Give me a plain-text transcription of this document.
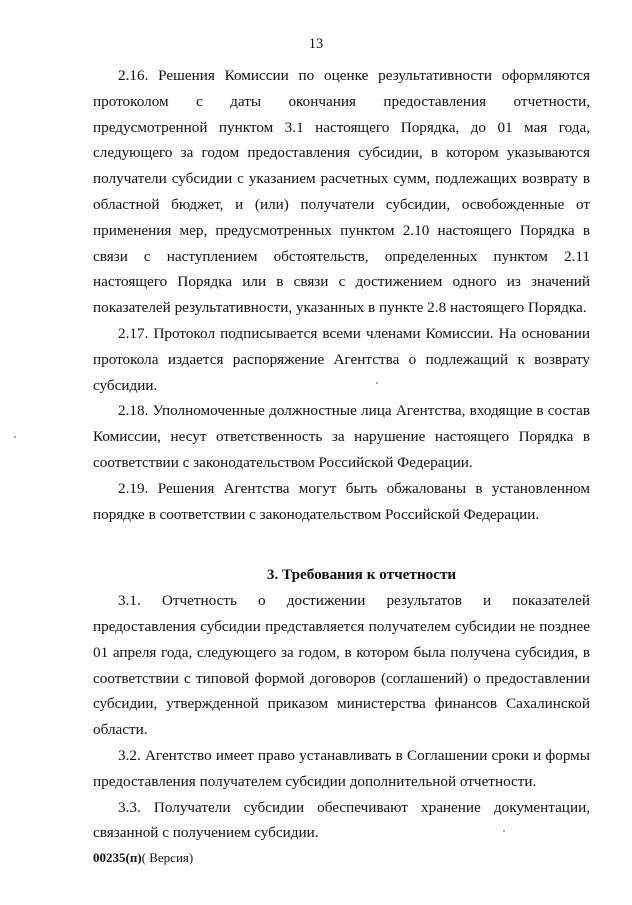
13

2.16. Решения Комиссии по оценке результативности оформляются протоколом с даты окончания предоставления отчетности, предусмотренной пунктом 3.1 настоящего Порядка, до 01 мая года, следующего за годом предоставления субсидии, в котором указываются получатели субсидии с указанием расчетных сумм, подлежащих возврату в областной бюджет, и (или) получатели субсидии, освобожденные от применения мер, предусмотренных пунктом 2.10 настоящего Порядка в связи с наступлением обстоятельств, определенных пунктом 2.11 настоящего Порядка или в связи с достижением одного из значений показателей результативности, указанных в пункте 2.8 настоящего Порядка.

2.17. Протокол подписывается всеми членами Комиссии. На основании протокола издается распоряжение Агентства о подлежащий к возврату субсидии.

2.18. Уполномоченные должностные лица Агентства, входящие в состав Комиссии, несут ответственность за нарушение настоящего Порядка в соответствии с законодательством Российской Федерации.

2.19. Решения Агентства могут быть обжалованы в установленном порядке в соответствии с законодательством Российской Федерации.

3. Требования к отчетности

3.1. Отчетность о достижении результатов и показателей предоставления субсидии представляется получателем субсидии не позднее 01 апреля года, следующего за годом, в котором была получена субсидия, в соответствии с типовой формой договоров (соглашений) о предоставлении субсидии, утвержденной приказом министерства финансов Сахалинской области.

3.2. Агентство имеет право устанавливать в Соглашении сроки и формы предоставления получателем субсидии дополнительной отчетности.

3.3. Получатели субсидии обеспечивают хранение документации, связанной с получением субсидии.

00235(п)( Версия)
